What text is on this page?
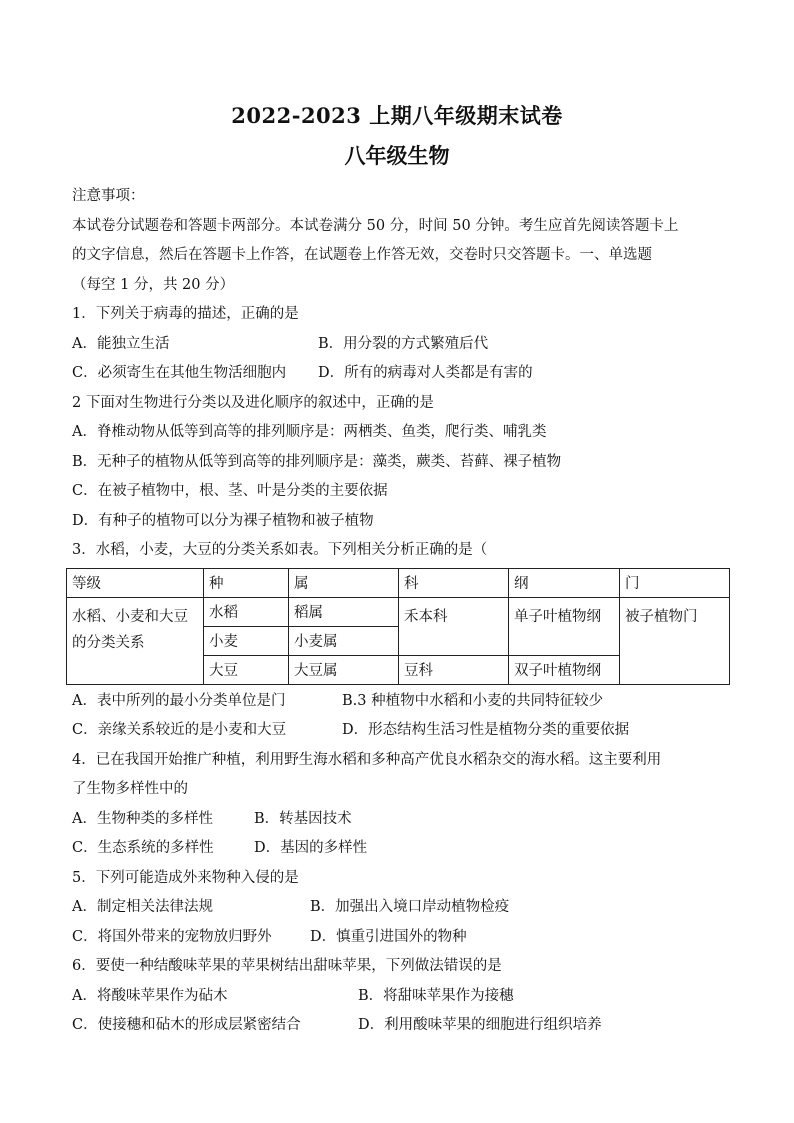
2022-2023 上期八年级期末试卷
八年级生物
注意事项：
本试卷分试题卷和答题卡两部分。本试卷满分 50 分，时间 50 分钟。考生应首先阅读答题卡上
的文字信息，然后在答题卡上作答，在试题卷上作答无效，交卷时只交答题卡。一、单选题
（每空 1 分，共 20 分）
1．下列关于病毒的描述，正确的是
A．能独立生活	B．用分裂的方式繁殖后代
C．必须寄生在其他生物活细胞内 D．所有的病毒对人类都是有害的
2 下面对生物进行分类以及进化顺序的叙述中，正确的是
A．脊椎动物从低等到高等的排列顺序是：两栖类、鱼类，爬行类、哺乳类
B．无种子的植物从低等到高等的排列顺序是：藻类，蕨类、苔藓、裸子植物
C．在被子植物中，根、茎、叶是分类的主要依据
D．有种子的植物可以分为裸子植物和被子植物
3．水稻，小麦，大豆的分类关系如表。下列相关分析正确的是（
等级	种	属	科	纲	门
水稻、小麦和大豆的分类关系	水稻	稻属	禾本科	单子叶植物纲	被子植物门
	小麦	小麦属			
	大豆	大豆属	豆科	双子叶植物纲	
A．表中所列的最小分类单位是门	B.3 种植物中水稻和小麦的共同特征较少
C．亲缘关系较近的是小麦和大豆	D．形态结构生活习性是植物分类的重要依据
4．已在我国开始推广种植，利用野生海水稻和多种高产优良水稻杂交的海水稻。这主要利用
了生物多样性中的
A．生物种类的多样性	B．转基因技术
C．生态系统的多样性	D．基因的多样性
5．下列可能造成外来物种入侵的是
A．制定相关法律法规	B．加强出入境口岸动植物检疫
C．将国外带来的宠物放归野外	D．慎重引进国外的物种
6．要使一种结酸味苹果的苹果树结出甜味苹果，下列做法错误的是
A．将酸味苹果作为砧木	B．将甜味苹果作为接穗
C．使接穗和砧木的形成层紧密结合	D．利用酸味苹果的细胞进行组织培养
